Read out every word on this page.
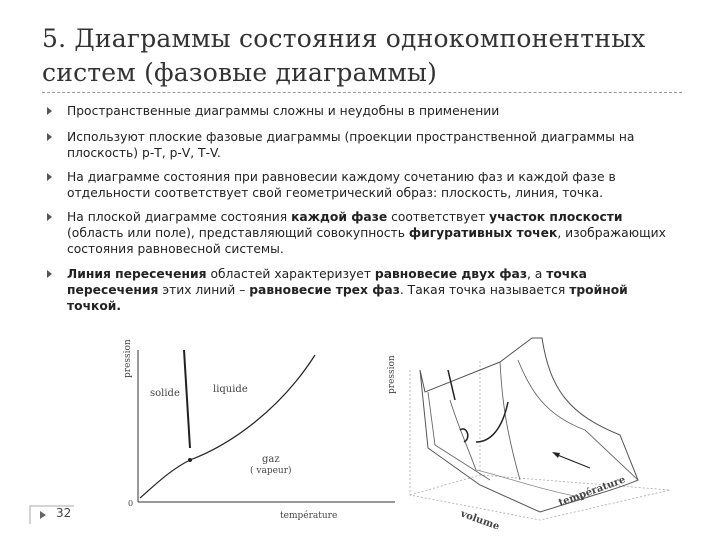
5. Диаграммы состояния однокомпонентных
систем (фазовые диаграммы)
Пространственные диаграммы сложны и неудобны в применении
Используют плоские фазовые диаграммы (проекции пространственной диаграммы на плоскость) р-Т, р-V, Т-V.
На диаграмме состояния при равновесии каждому сочетанию фаз и каждой фазе в отдельности соответствует свой геометрический образ: плоскость, линия, точка.
На плоской диаграмме состояния каждой фазе соответствует участок плоскости (область или поле), представляющий совокупность фигуративных точек, изображающих состояния равновесной системы.
Линия пересечения областей характеризует равновесие двух фаз, а точка пересечения этих линий – равновесие трех фаз. Такая точка называется тройной точкой.
pression
température
0
solide	liquide
gaz
( vapeur)
pression
température
volume
32
